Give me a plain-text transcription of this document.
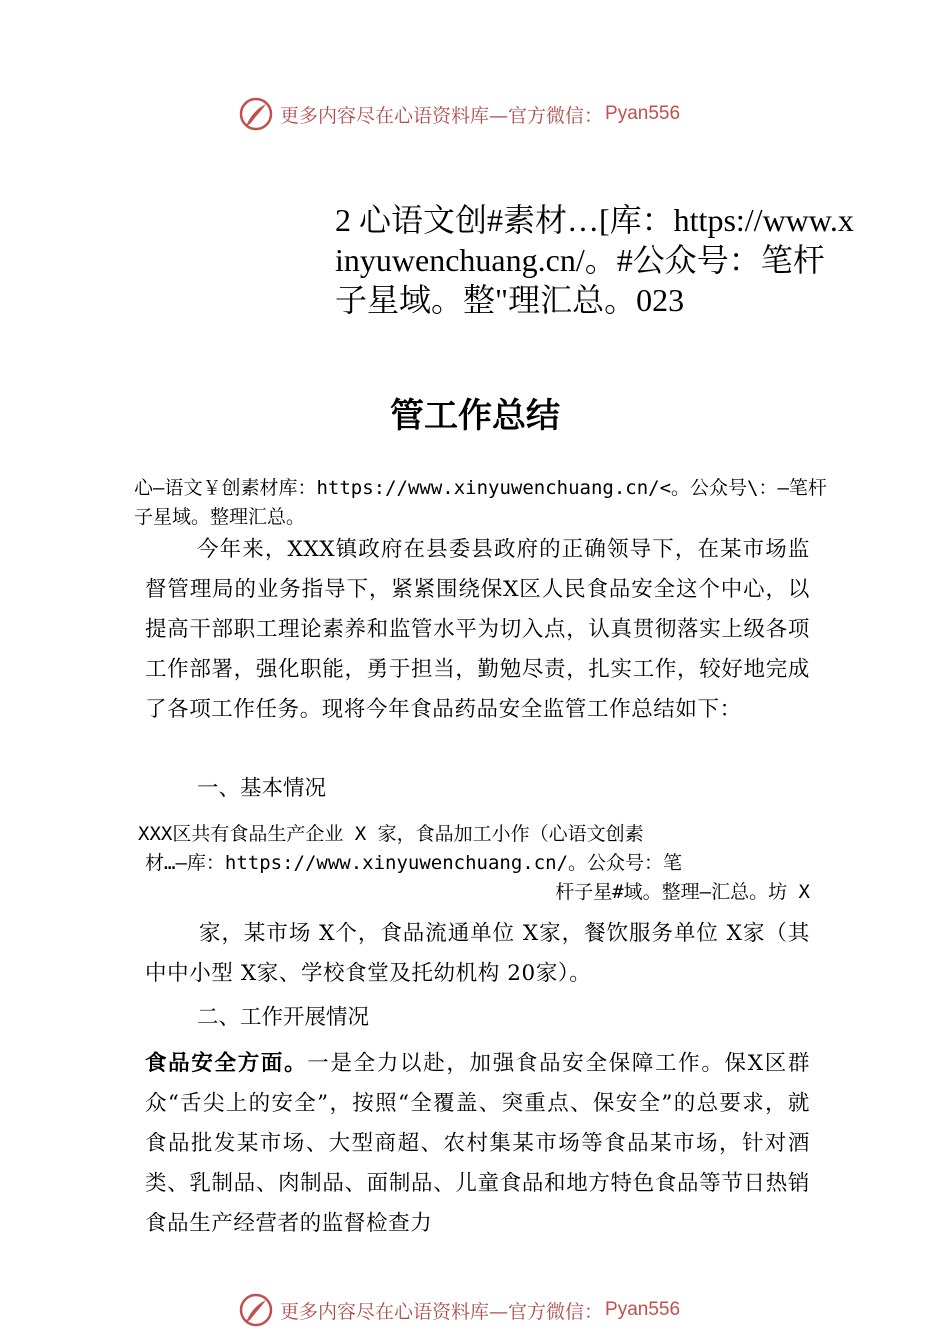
更多内容尽在心语资料库— 官方微信： Pyan556
2 心语文创#素材…[库：https://www.xinyuwenchuang.cn/。#公众号：笔杆子星域。整"理汇总。023
管工作总结
心—语文￥创素材库：https://www.xinyuwenchuang.cn/<。公众号\：—笔杆子星域。整理汇总。
今年来，XXX镇政府在县委县政府的正确领导下，在某市场监督管理局的业务指导下，紧紧围绕保X区人民食品安全这个中心，以提高干部职工理论素养和监管水平为切入点，认真贯彻落实上级各项工作部署，强化职能，勇于担当，勤勉尽责，扎实工作，较好地完成了各项工作任务。现将今年食品药品安全监管工作总结如下：
一、基本情况
XXX区共有食品生产企业 X 家，食品加工小作（心语文创素
材…—库：https://www.xinyuwenchuang.cn/。公众号：笔
杆子星#域。整理—汇总。坊 X
家，某市场 X个，食品流通单位 X家，餐饮服务单位 X家（其中中小型 X家、学校食堂及托幼机构 20家）。
二、工作开展情况
食品安全方面。一是全力以赴，加强食品安全保障工作。保X区群众“舌尖上的安全”，按照“全覆盖、突重点、保安全”的总要求，就食品批发某市场、大型商超、农村集某市场等食品某市场，针对酒类、乳制品、肉制品、面制品、儿童食品和地方特色食品等节日热销食品生产经营者的监督检查力
更多内容尽在心语资料库— 官方微信： Pyan556
